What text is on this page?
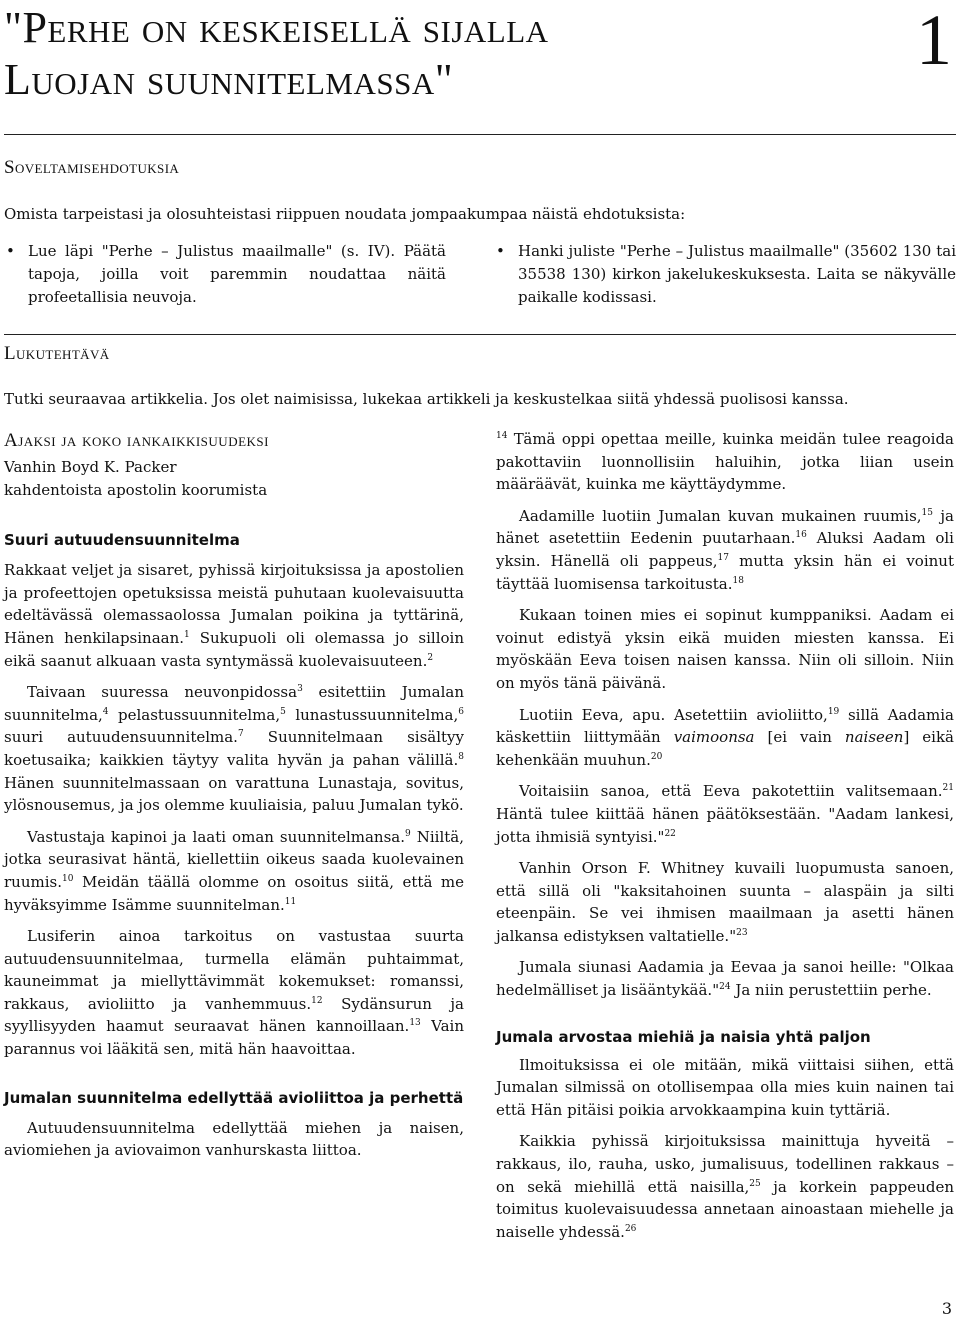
"Perhe on keskeisellä sijalla
Luojan suunnitelmassa"	1
Soveltamisehdotuksia
Omista tarpeistasi ja olosuhteistasi riippuen noudata jompaakumpaa näistä ehdotuksista:
• Lue läpi "Perhe – Julistus maailmalle" (s. IV). Päätä tapoja, joilla voit paremmin noudattaa näitä profeetallisia neuvoja.
• Hanki juliste "Perhe – Julistus maailmalle" (35602 130 tai 35538 130) kirkon jakelukeskuksesta. Laita se näkyvälle paikalle kodissasi.
Lukutehtävä
Tutki seuraavaa artikkelia. Jos olet naimisissa, lukekaa artikkeli ja keskustelkaa siitä yhdessä puolisosi kanssa.
Ajaksi ja koko iankaikkisuudeksi

Vanhin Boyd K. Packer

kahdentoista apostolin koorumista

Suuri autuudensuunnitelma

Rakkaat veljet ja sisaret, pyhissä kirjoituksissa ja apostolien ja profeettojen opetuksissa meistä puhutaan kuolevaisuutta edeltävässä olemassaolossa Jumalan poikina ja tyttärinä, Hänen henkilapsinaan.$^1$ Sukupuoli oli olemassa jo silloin eikä saanut alkuaan vasta syntymässä kuolevaisuuteen.$^2$

Taivaan suuressa neuvonpidossa$^3$ esitettiin Jumalan suunnitelma,$^4$ pelastussuunnitelma,$^5$ lunastussuunnitelma,$^6$ suuri autuudensuunnitelma.$^7$ Suunnitelmaan sisältyy koetusaika; kaikkien täytyy valita hyvän ja pahan välillä.$^8$ Hänen suunnitelmassaan on varattuna Lunastaja, sovitus, ylösnousemus, ja jos olemme kuuliaisia, paluu Jumalan tykö.

Vastustaja kapinoi ja laati oman suunnitelmansa.$^9$ Niiltä, jotka seurasivat häntä, kiellettiin oikeus saada kuolevainen ruumis.$^{10}$ Meidän täällä olomme on osoitus siitä, että me hyväksyimme Isämme suunnitelman.$^{11}$

Lusiferin ainoa tarkoitus on vastustaa suurta autuudensuunnitelmaa, turmella elämän puhtaimmat, kauneimmat ja miellyttävimmät kokemukset: romanssi, rakkaus, avioliitto ja vanhemmuus.$^{12}$ Sydänsurun ja syyllisyyden haamut seuraavat hänen kannoillaan.$^{13}$ Vain parannus voi lääkitä sen, mitä hän haavoittaa.

Jumalan suunnitelma edellyttää avioliittoa ja perhettä

Autuudensuunnitelma edellyttää miehen ja naisen, aviomiehen ja aviovaimon vanhurskasta liittoa.

$^{14}$ Tämä oppi opettaa meille, kuinka meidän tulee reagoida pakottaviin luonnollisiin haluihin, jotka liian usein määräävät, kuinka me käyttäydymme.

Aadamille luotiin Jumalan kuvan mukainen ruumis,$^{15}$ ja hänet asetettiin Eedenin puutarhaan.$^{16}$ Aluksi Aadam oli yksin. Hänellä oli pappeus,$^{17}$ mutta yksin hän ei voinut täyttää luomisensa tarkoitusta.$^{18}$

Kukaan toinen mies ei sopinut kumppaniksi. Aadam ei voinut edistyä yksin eikä muiden miesten kanssa. Ei myöskään Eeva toisen naisen kanssa. Niin oli silloin. Niin on myös tänä päivänä.

Luotiin Eeva, apu. Asetettiin avioliitto,$^{19}$ sillä Aadamia käskettiin liittymään vaimoonsa [ei vain naiseen] eikä kehenkään muuhun.$^{20}$

Voitaisiin sanoa, että Eeva pakotettiin valitsemaan.$^{21}$ Häntä tulee kiittää hänen päätöksestään. "Aadam lankesi, jotta ihmisiä syntyisi."$^{22}$

Vanhin Orson F. Whitney kuvaili luopumusta sanoen, että sillä oli "kaksitahoinen suunta – alaspäin ja silti eteenpäin. Se vei ihmisen maailmaan ja asetti hänen jalkansa edistyksen valtatielle."$^{23}$

Jumala siunasi Aadamia ja Eevaa ja sanoi heille: "Olkaa hedelmälliset ja lisääntykää."$^{24}$ Ja niin perustettiin perhe.

Jumala arvostaa miehiä ja naisia yhtä paljon

Ilmoituksissa ei ole mitään, mikä viittaisi siihen, että Jumalan silmissä on otollisempaa olla mies kuin nainen tai että Hän pitäisi poikia arvokkaampina kuin tyttäriä.

Kaikkia pyhissä kirjoituksissa mainittuja hyveitä – rakkaus, ilo, rauha, usko, jumalisuus, todellinen rakkaus – on sekä miehillä että naisilla,$^{25}$ ja korkein pappeuden toimitus kuolevaisuudessa annetaan ainoastaan miehelle ja naiselle yhdessä.$^{26}$

3
